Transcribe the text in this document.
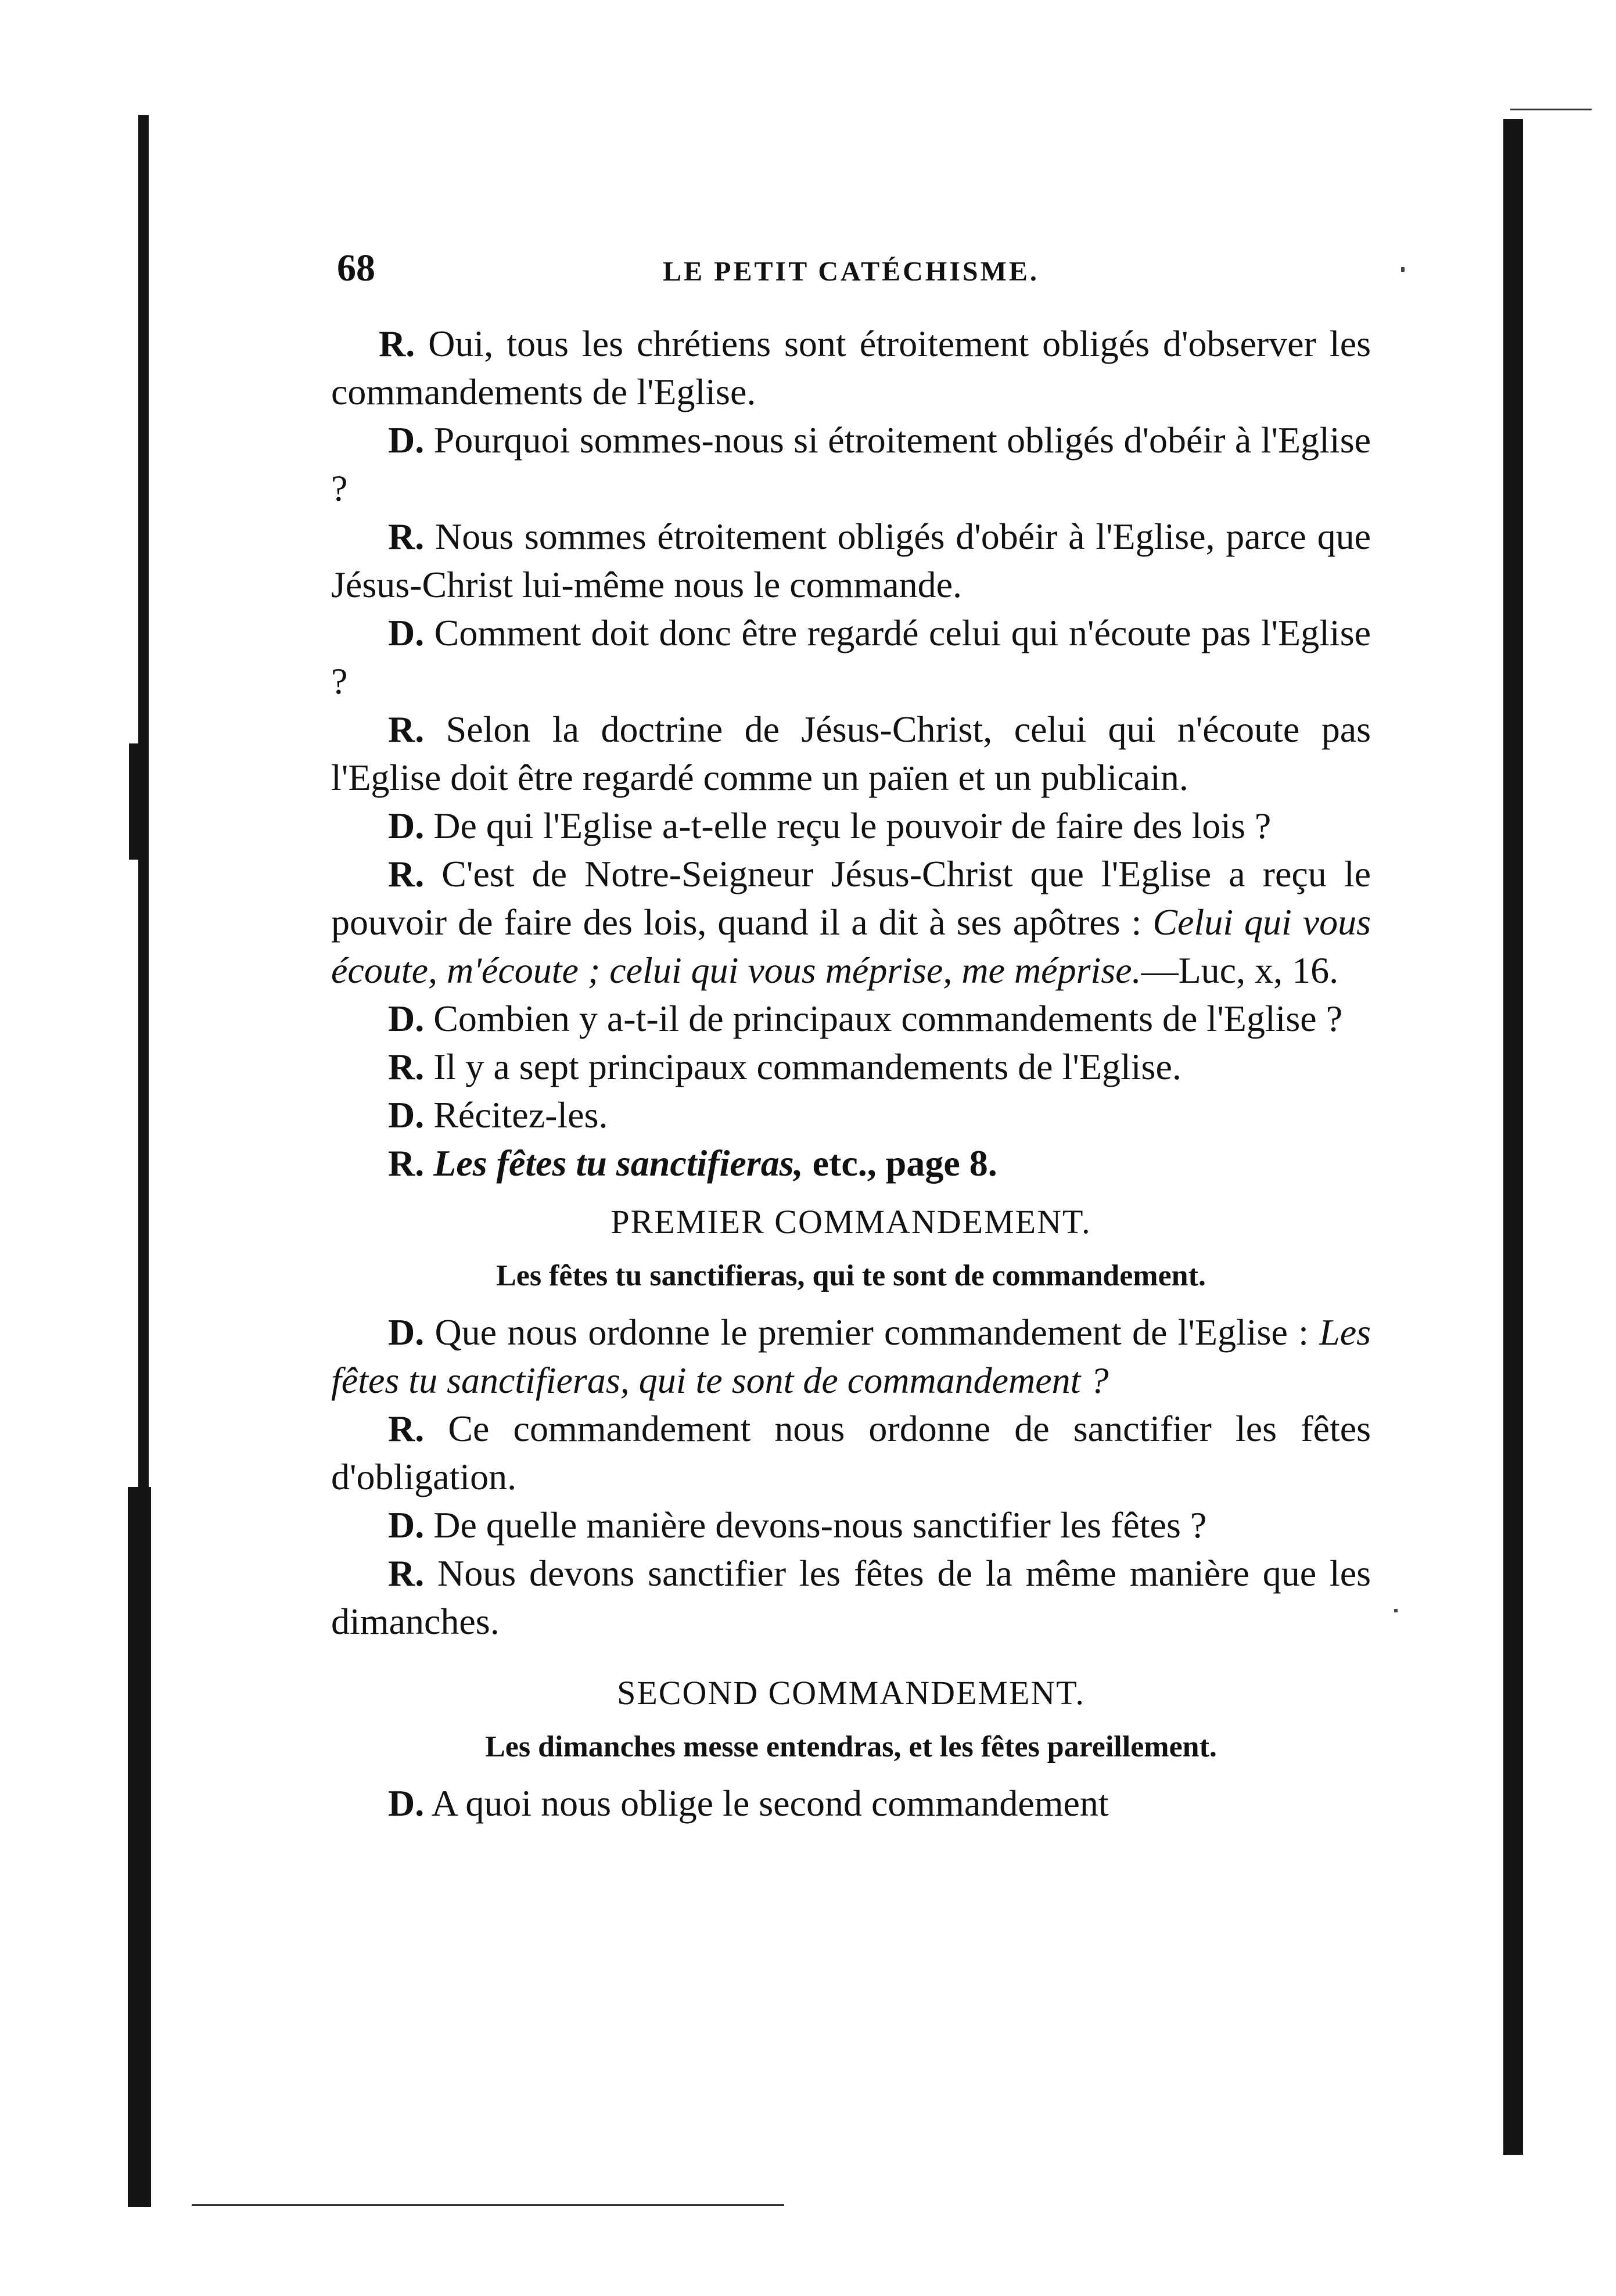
68	LE PETIT CATÉCHISME.

R. Oui, tous les chrétiens sont étroitement obligés d'observer les commandements de l'Eglise.

D. Pourquoi sommes-nous si étroitement obligés d'obéir à l'Eglise ?

R. Nous sommes étroitement obligés d'obéir à l'Eglise, parce que Jésus-Christ lui-même nous le commande.

D. Comment doit donc être regardé celui qui n'écoute pas l'Eglise ?

R. Selon la doctrine de Jésus-Christ, celui qui n'écoute pas l'Eglise doit être regardé comme un païen et un publicain.

D. De qui l'Eglise a-t-elle reçu le pouvoir de faire des lois ?

R. C'est de Notre-Seigneur Jésus-Christ que l'Eglise a reçu le pouvoir de faire des lois, quand il a dit à ses apôtres : Celui qui vous écoute, m'écoute ; celui qui vous méprise, me méprise.—Luc, x, 16.

D. Combien y a-t-il de principaux commandements de l'Eglise ?

R. Il y a sept principaux commandements de l'Eglise.

D. Récitez-les.

R. Les fêtes tu sanctifieras, etc., page 8.

PREMIER COMMANDEMENT.

Les fêtes tu sanctifieras, qui te sont de commandement.

D. Que nous ordonne le premier commandement de l'Eglise : Les fêtes tu sanctifieras, qui te sont de commandement ?

R. Ce commandement nous ordonne de sanctifier les fêtes d'obligation.

D. De quelle manière devons-nous sanctifier les fêtes ?

R. Nous devons sanctifier les fêtes de la même manière que les dimanches.

SECOND COMMANDEMENT.

Les dimanches messe entendras, et les fêtes pareillement.

D. A quoi nous oblige le second commandement
